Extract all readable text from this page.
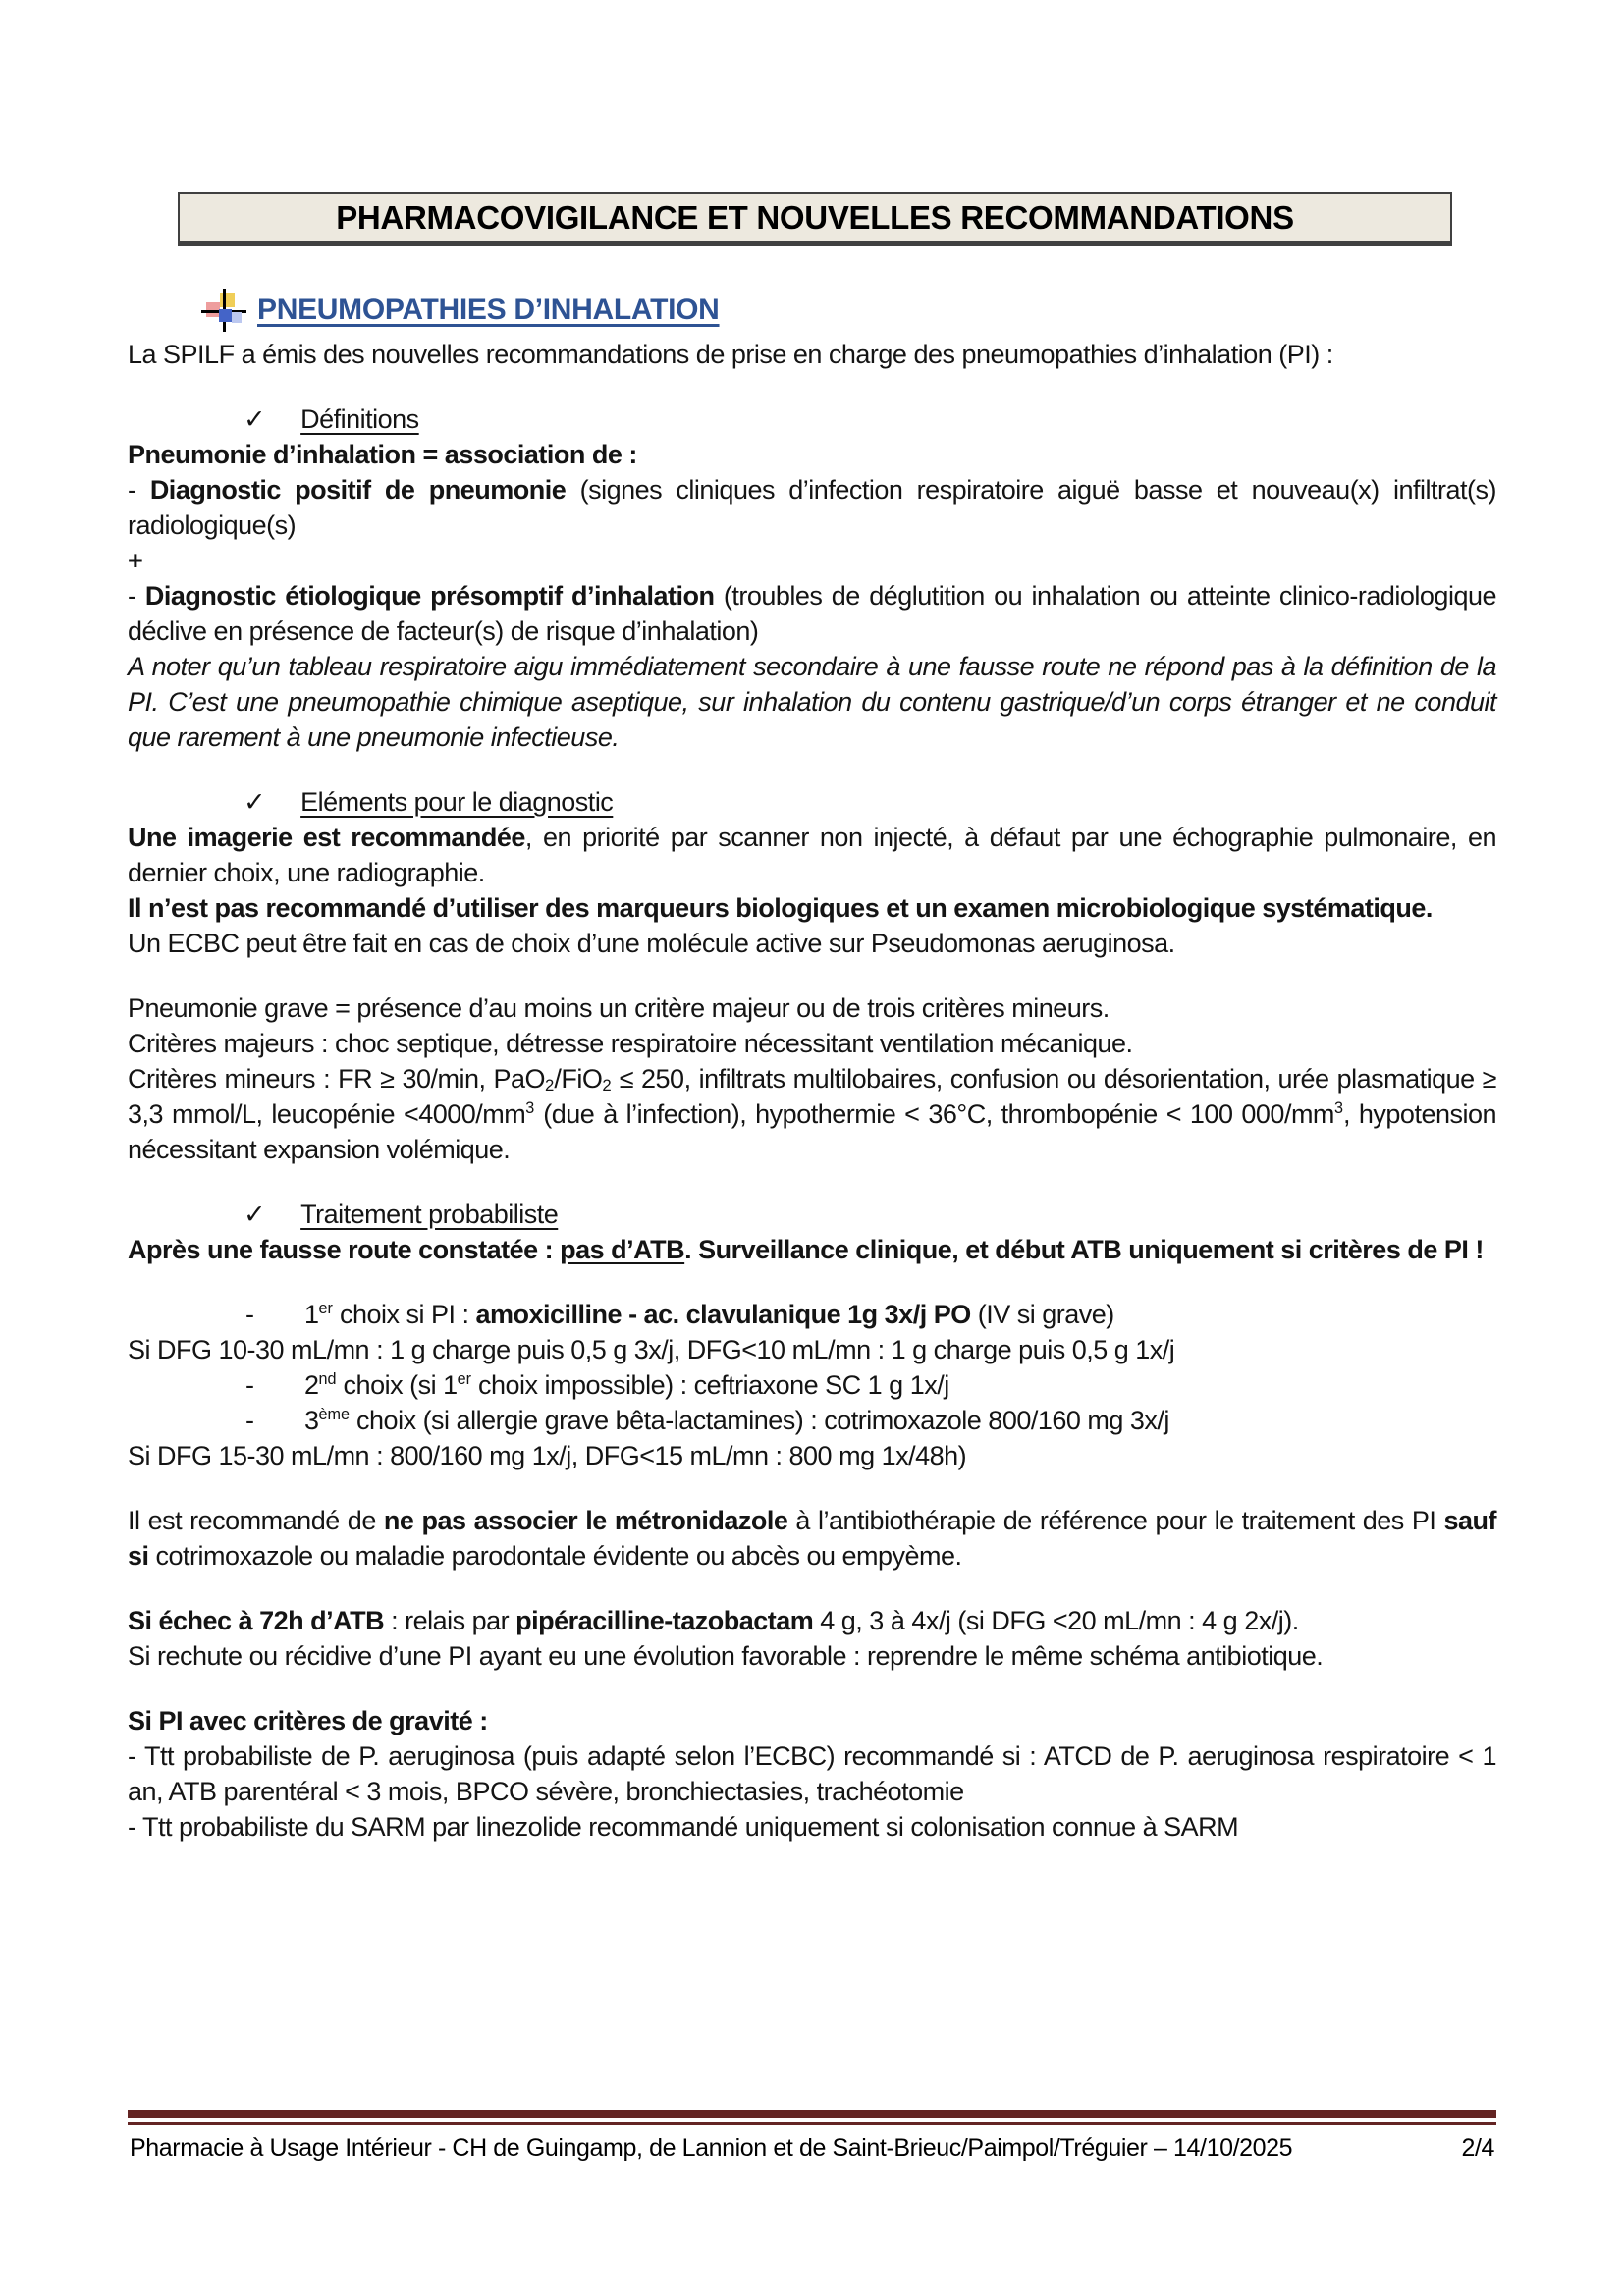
PHARMACOVIGILANCE ET NOUVELLES RECOMMANDATIONS
PNEUMOPATHIES D’INHALATION

La SPILF a émis des nouvelles recommandations de prise en charge des pneumopathies d’inhalation (PI) :

✓ Définitions

Pneumonie d’inhalation = association de :

- Diagnostic positif de pneumonie (signes cliniques d’infection respiratoire aiguë basse et nouveau(x) infiltrat(s) radiologique(s)

+

- Diagnostic étiologique présomptif d’inhalation (troubles de déglutition ou inhalation ou atteinte clinico-radiologique déclive en présence de facteur(s) de risque d’inhalation)

A noter qu’un tableau respiratoire aigu immédiatement secondaire à une fausse route ne répond pas à la définition de la PI. C’est une pneumopathie chimique aseptique, sur inhalation du contenu gastrique/d’un corps étranger et ne conduit que rarement à une pneumonie infectieuse.

✓ Eléments pour le diagnostic

Une imagerie est recommandée, en priorité par scanner non injecté, à défaut par une échographie pulmonaire, en dernier choix, une radiographie.

Il n’est pas recommandé d’utiliser des marqueurs biologiques et un examen microbiologique systématique.

Un ECBC peut être fait en cas de choix d’une molécule active sur Pseudomonas aeruginosa.

Pneumonie grave = présence d’au moins un critère majeur ou de trois critères mineurs.

Critères majeurs : choc septique, détresse respiratoire nécessitant ventilation mécanique.

Critères mineurs : FR ≥ 30/min, PaO$_2$/FiO$_2$ ≤ 250, infiltrats multilobaires, confusion ou désorientation, urée plasmatique ≥ 3,3 mmol/L, leucopénie $<4000/mm^3$ (due à l’infection), hypothermie < 36°C, thrombopénie < 100 $000/mm^3$, hypotension nécessitant expansion volémique.

✓ Traitement probabiliste

Après une fausse route constatée : pas d’ATB. Surveillance clinique, et début ATB uniquement si critères de PI !

- 1er choix si PI : amoxicilline - ac. clavulanique 1g 3x/j PO (IV si grave)

Si DFG 10-30 mL/mn : 1 g charge puis 0,5 g 3x/j, DFG<10 mL/mn : 1 g charge puis 0,5 g 1x/j

- 2nd choix (si 1er choix impossible) : ceftriaxone SC 1 g 1x/j
- 3ème choix (si allergie grave bêta-lactamines) : cotrimoxazole 800/160 mg 3x/j

Si DFG 15-30 mL/mn : 800/160 mg 1x/j, DFG<15 mL/mn : 800 mg 1x/48h)

Il est recommandé de ne pas associer le métronidazole à l’antibiothérapie de référence pour le traitement des PI sauf si cotrimoxazole ou maladie parodontale évidente ou abcès ou empyème.

Si échec à 72h d’ATB : relais par pipéracilline-tazobactam 4 g, 3 à 4x/j (si DFG <20 mL/mn : 4 g 2x/j).

Si rechute ou récidive d’une PI ayant eu une évolution favorable : reprendre le même schéma antibiotique.

Si PI avec critères de gravité :

- Ttt probabiliste de P. aeruginosa (puis adapté selon l’ECBC) recommandé si : ATCD de P. aeruginosa respiratoire < 1 an, ATB parentéral < 3 mois, BPCO sévère, bronchiectasies, trachéotomie

- Ttt probabiliste du SARM par linezolide recommandé uniquement si colonisation connue à SARM

Pharmacie à Usage Intérieur - CH de Guingamp, de Lannion et de Saint-Brieuc/Paimpol/Tréguier – 14/10/2025	2/4
